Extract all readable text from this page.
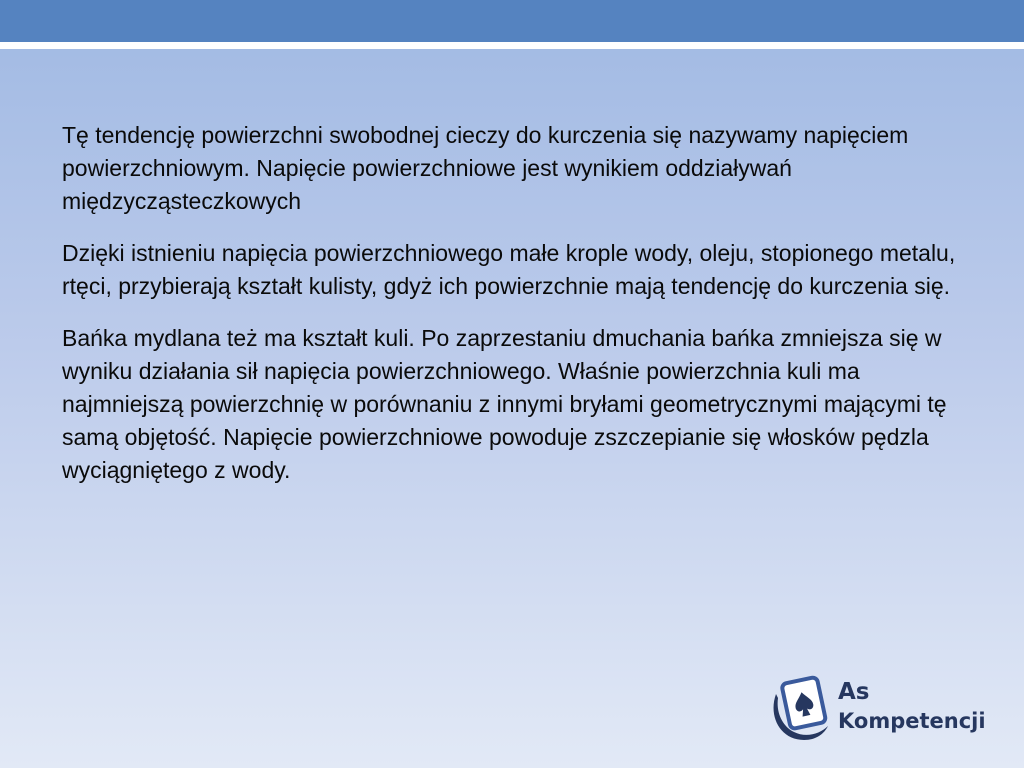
Tę tendencję powierzchni swobodnej cieczy do kurczenia się nazywamy napięciem powierzchniowym. Napięcie powierzchniowe jest wynikiem oddziaływań międzycząsteczkowych

Dzięki istnieniu napięcia powierzchniowego małe krople wody, oleju, stopionego metalu, rtęci, przybierają kształt kulisty, gdyż ich powierzchnie mają tendencję do kurczenia się.

Bańka mydlana też ma kształt kuli. Po zaprzestaniu dmuchania bańka zmniejsza się w wyniku działania sił napięcia powierzchniowego. Właśnie powierzchnia kuli ma najmniejszą powierzchnię w porównaniu z innymi bryłami geometrycznymi mającymi tę samą objętość. Napięcie powierzchniowe powoduje zszczepianie się włosków pędzla wyciągniętego z wody.

As
Kompetencji
